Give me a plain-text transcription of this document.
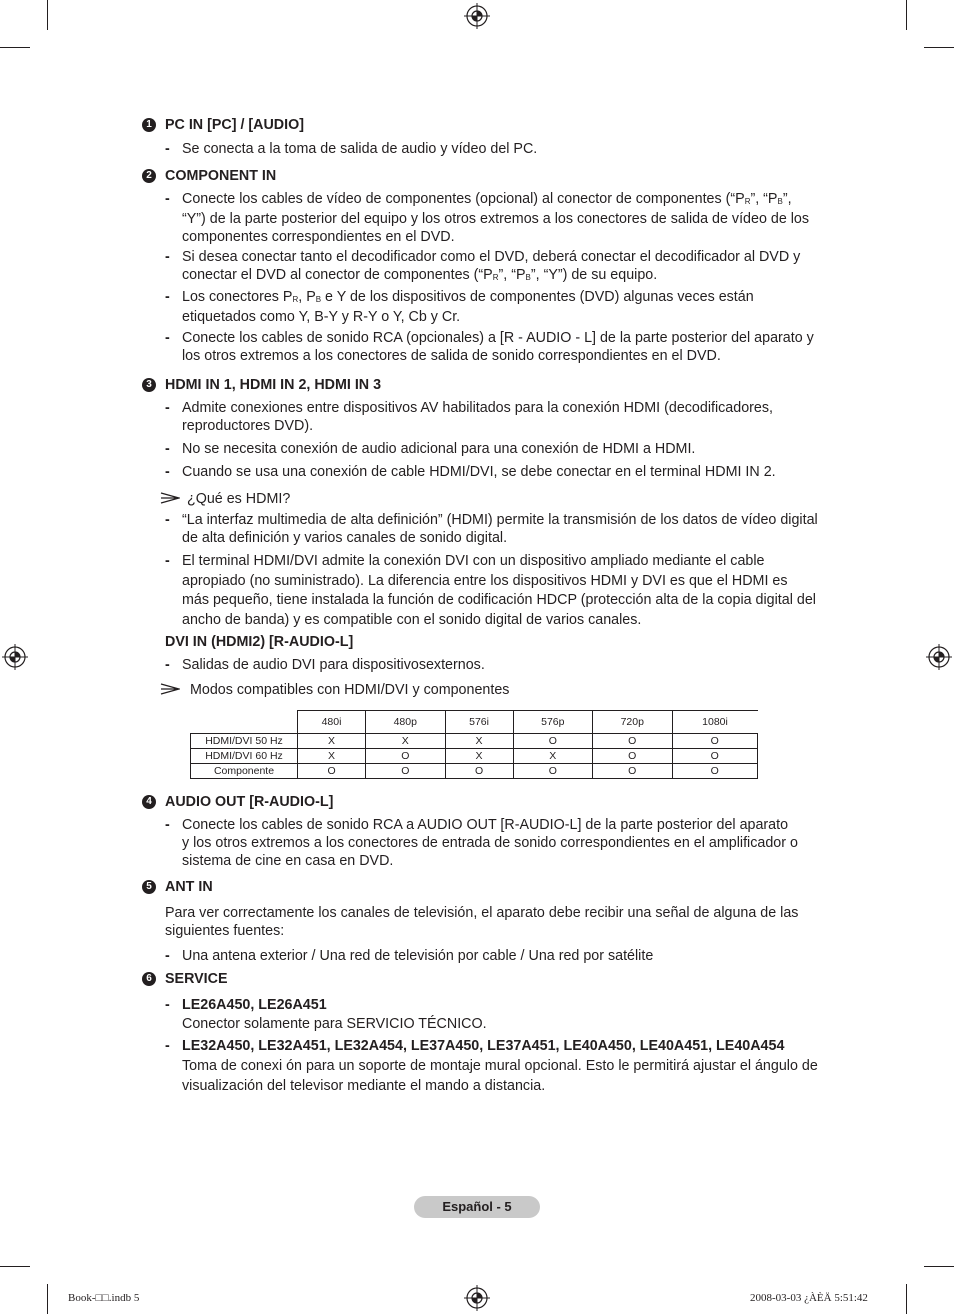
1 PC IN [PC] / [AUDIO]
- Se conecta a la toma de salida de audio y vídeo del PC.
2 COMPONENT IN
- Conecte los cables de vídeo de componentes (opcional) al conector de componentes (“$P_R$”, “$P_B$”,
“Y”) de la parte posterior del equipo y los otros extremos a los conectores de salida de vídeo de los
componentes correspondientes en el DVD.
- Si desea conectar tanto el decodificador como el DVD, deberá conectar el decodificador al DVD y
conectar el DVD al conector de componentes (“$P_R$”, “$P_B$”, “Y”) de su equipo.
- Los conectores $P_R$, $P_B$ e Y de los dispositivos de componentes (DVD) algunas veces están
etiquetados como Y, B-Y y R-Y o Y, Cb y Cr.
- Conecte los cables de sonido RCA (opcionales) a [R - AUDIO - L] de la parte posterior del aparato y
los otros extremos a los conectores de salida de sonido correspondientes en el DVD.
3 HDMI IN 1, HDMI IN 2, HDMI IN 3
- Admite conexiones entre dispositivos AV habilitados para la conexión HDMI (decodificadores,
reproductores DVD).
- No se necesita conexión de audio adicional para una conexión de HDMI a HDMI.
- Cuando se usa una conexión de cable HDMI/DVI, se debe conectar en el terminal HDMI IN 2.
¿Qué es HDMI?
- “La interfaz multimedia de alta definición” (HDMI) permite la transmisión de los datos de vídeo digital
de alta definición y varios canales de sonido digital.
- El terminal HDMI/DVI admite la conexión DVI con un dispositivo ampliado mediante el cable
apropiado (no suministrado). La diferencia entre los dispositivos HDMI y DVI es que el HDMI es
más pequeño, tiene instalada la función de codificación HDCP (protección alta de la copia digital del
ancho de banda) y es compatible con el sonido digital de varios canales.
DVI IN (HDMI2) [R-AUDIO-L]
- Salidas de audio DVI para dispositivosexternos.
Modos compatibles con HDMI/DVI y componentes
	480i	480p	576i	576p	720p	1080i
HDMI/DVI 50 Hz	X	X	X	O	O	O
HDMI/DVI 60 Hz	X	O	X	X	O	O
Componente	O	O	O	O	O	O
4 AUDIO OUT [R-AUDIO-L]
- Conecte los cables de sonido RCA a AUDIO OUT [R-AUDIO-L] de la parte posterior del aparato
y los otros extremos a los conectores de entrada de sonido correspondientes en el amplificador o
sistema de cine en casa en DVD.
5 ANT IN
Para ver correctamente los canales de televisión, el aparato debe recibir una señal de alguna de las
siguientes fuentes:
- Una antena exterior / Una red de televisión por cable / Una red por satélite
6 SERVICE
- LE26A450, LE26A451
Conector solamente para SERVICIO TÉCNICO.
- LE32A450, LE32A451, LE32A454, LE37A450, LE37A451, LE40A450, LE40A451, LE40A454
Toma de conexi ón para un soporte de montaje mural opcional. Esto le permitirá ajustar el ángulo de
visualización del televisor mediante el mando a distancia.
Español - 5
Book-□□.indb 5	2008-03-03 ¿ÀÈÄ 5:51:42
